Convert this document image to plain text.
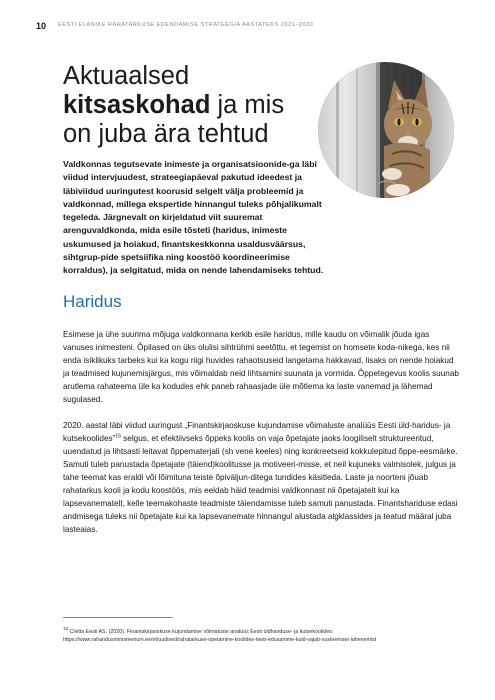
10 EESTI ELANIKE RAHATARKUSE EDENDAMISE STRATEEGIA AASTATEKS 2021–2030
Aktuaalsed
kitsaskohad ja mis on juba ära tehtud

Valdkonnas tegutsevate inimeste ja organisatsioonide-ga läbi viidud intervjuudest, strateegiapäeval pakutud ideedest ja läbiviidud uuringutest koorusid selgelt välja probleemid ja valdkonnad, millega ekspertide hinnangul tuleks põhjalikumalt tegeleda. Järgnevalt on kirjeldatud viit suuremat arenguvaldkonda, mida esile tõsteti (haridus, inimeste uskumused ja hoiakud, finantskeskkonna usaldusväärsus, sihtgrup-pide spetsiifika ning koostöö koordineerimise korraldus), ja selgitatud, mida on nende lahendamiseks tehtud.

Haridus

Esimese ja ühe suurima mõjuga valdkonnana kerkib esile haridus, mille kaudu on võimalik jõuda igas vanuses inimesteni. Õpilased on üks olulisi sihtrühmi seetõttu, et tegemist on homsete koda-nikega, kes nii enda isiklikuks tarbeks kui ka kogu riigi huvides rahaotsuseid langetama hakkavad, lisaks on nende hoiakud ja teadmised kujunemisjärgus, mis võimaldab neid lihtsamini suunata ja vormida. Õppetegevus koolis suunab arutlema rahateema üle ka kodudes ehk paneb rahaasjade üle mõtlema ka laste vanemad ja lähemad sugulased.

2020. aastal läbi viidud uuringust „Finantskirjaoskuse kujundamise võimaluste analüüs Eesti üld-haridus- ja kutsekoolides”$^{15}$ selgus, et efektiivseks õppeks koolis on vaja õpetajate jaoks loogiliselt struktureeritud, uuendatud ja lihtsasti leitavat õppematerjali (sh vene keeles) ning konkreetseid kokkulepitud õppe-eesmärke. Samuti tuleb panustada õpetajate (täiend)koolitusse ja motiveeri-misse, et neil kujuneks valmisolek, julgus ja tahe teemat kas eraldi või lõimituna teiste õpiväljun-ditega tundides käsitleda. Laste ja noorteni jõuab rahatarkus kooli ja kodu koostöös, mis eeldab häid teadmisi valdkonnast nii õpetajatelt kui ka lapsevanematelt, kelle teemakohaste teadmiste täiendamisse tuleb samuti panustada. Finantshariduse edasi andmisega tuleks nii õpetajate kui ka lapsevanemate hinnangul alustada algklassides ja teatud määral juba lasteaias.

$^{15}$ Civitta Eesti AS. (2020). Finantskirjaoskuse kujundamise võimaluste analüüs Eesti üldhariduse- ja kutsekoolides: https://www.rahandusministeerium.ee/et/uudised/rahatarkuse-opetamine-koolides-teeb-edusamme-kuid-vajab-susteemset-lahenemist
